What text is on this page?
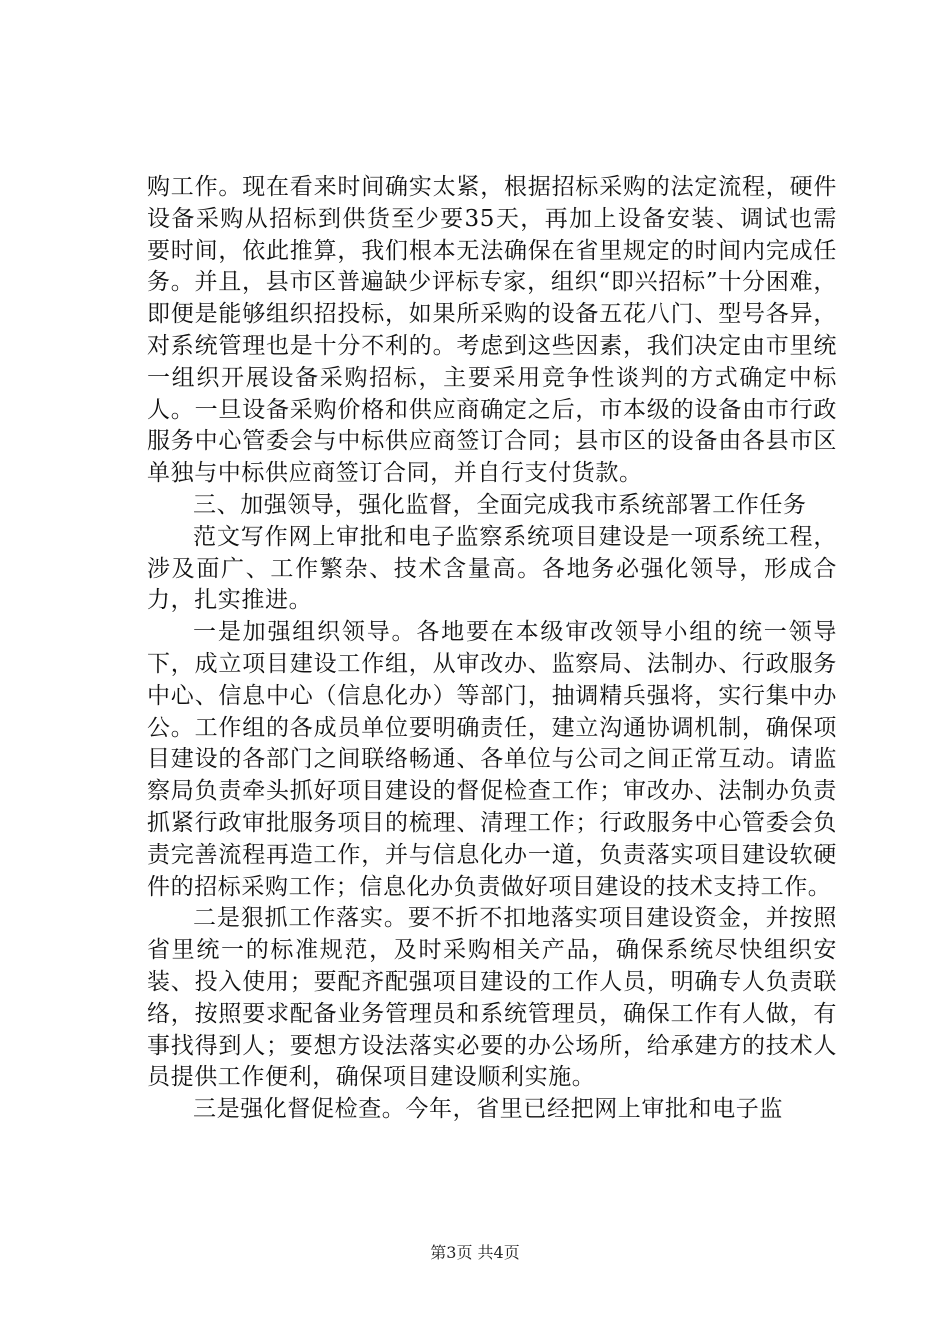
购工作。现在看来时间确实太紧，根据招标采购的法定流程，硬件设备采购从招标到供货至少要35天，再加上设备安装、调试也需要时间，依此推算，我们根本无法确保在省里规定的时间内完成任务。并且，县市区普遍缺少评标专家，组织“即兴招标”十分困难，即便是能够组织招投标，如果所采购的设备五花八门、型号各异，对系统管理也是十分不利的。考虑到这些因素，我们决定由市里统一组织开展设备采购招标，主要采用竞争性谈判的方式确定中标人。一旦设备采购价格和供应商确定之后，市本级的设备由市行政服务中心管委会与中标供应商签订合同；县市区的设备由各县市区单独与中标供应商签订合同，并自行支付货款。

三、加强领导，强化监督，全面完成我市系统部署工作任务

范文写作网上审批和电子监察系统项目建设是一项系统工程，涉及面广、工作繁杂、技术含量高。各地务必强化领导，形成合力，扎实推进。

一是加强组织领导。各地要在本级审改领导小组的统一领导下，成立项目建设工作组，从审改办、监察局、法制办、行政服务中心、信息中心（信息化办）等部门，抽调精兵强将，实行集中办公。工作组的各成员单位要明确责任，建立沟通协调机制，确保项目建设的各部门之间联络畅通、各单位与公司之间正常互动。请监察局负责牵头抓好项目建设的督促检查工作；审改办、法制办负责抓紧行政审批服务项目的梳理、清理工作；行政服务中心管委会负责完善流程再造工作，并与信息化办一道，负责落实项目建设软硬件的招标采购工作；信息化办负责做好项目建设的技术支持工作。

二是狠抓工作落实。要不折不扣地落实项目建设资金，并按照省里统一的标准规范，及时采购相关产品，确保系统尽快组织安装、投入使用；要配齐配强项目建设的工作人员，明确专人负责联络，按照要求配备业务管理员和系统管理员，确保工作有人做，有事找得到人；要想方设法落实必要的办公场所，给承建方的技术人员提供工作便利，确保项目建设顺利实施。

三是强化督促检查。今年，省里已经把网上审批和电子监

第3页 共4页
